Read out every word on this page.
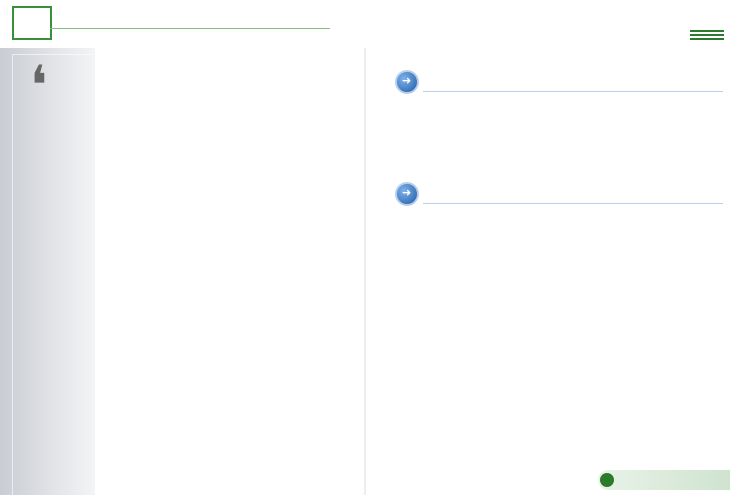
❛
➜
➜
